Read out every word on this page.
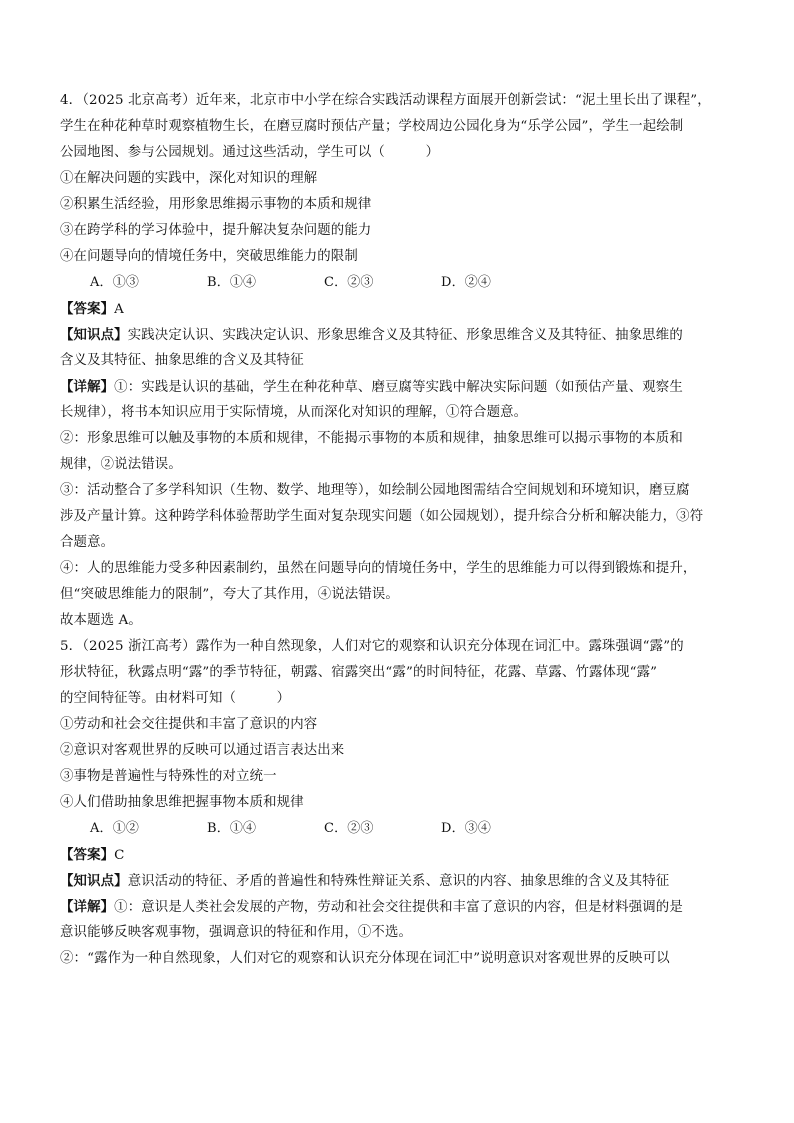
4．（2025 北京高考）近年来，北京市中小学在综合实践活动课程方面展开创新尝试：“泥土里长出了课程”，
学生在种花种草时观察植物生长，在磨豆腐时预估产量；学校周边公园化身为“乐学公园”，学生一起绘制
公园地图、参与公园规划。通过这些活动，学生可以（　　　）
①在解决问题的实践中，深化对知识的理解
②积累生活经验，用形象思维揭示事物的本质和规律
③在跨学科的学习体验中，提升解决复杂问题的能力
④在问题导向的情境任务中，突破思维能力的限制
A．①③	B．①④	C．②③	D．②④
【答案】A
【知识点】实践决定认识、实践决定认识、形象思维含义及其特征、形象思维含义及其特征、抽象思维的
含义及其特征、抽象思维的含义及其特征
【详解】①：实践是认识的基础，学生在种花种草、磨豆腐等实践中解决实际问题（如预估产量、观察生
长规律），将书本知识应用于实际情境，从而深化对知识的理解，①符合题意。
②：形象思维可以触及事物的本质和规律，不能揭示事物的本质和规律，抽象思维可以揭示事物的本质和
规律，②说法错误。
③：活动整合了多学科知识（生物、数学、地理等），如绘制公园地图需结合空间规划和环境知识，磨豆腐
涉及产量计算。这种跨学科体验帮助学生面对复杂现实问题（如公园规划），提升综合分析和解决能力，③符
合题意。
④：人的思维能力受多种因素制约，虽然在问题导向的情境任务中，学生的思维能力可以得到锻炼和提升，
但“突破思维能力的限制”，夸大了其作用，④说法错误。
故本题选 A。
5．（2025 浙江高考）露作为一种自然现象，人们对它的观察和认识充分体现在词汇中。露珠强调“露”的
形状特征，秋露点明“露”的季节特征，朝露、宿露突出“露”的时间特征，花露、草露、竹露体现“露”
的空间特征等。由材料可知（　　　）
①劳动和社会交往提供和丰富了意识的内容
②意识对客观世界的反映可以通过语言表达出来
③事物是普遍性与特殊性的对立统一
④人们借助抽象思维把握事物本质和规律
A．①②	B．①④	C．②③	D．③④
【答案】C
【知识点】意识活动的特征、矛盾的普遍性和特殊性辩证关系、意识的内容、抽象思维的含义及其特征
【详解】①：意识是人类社会发展的产物，劳动和社会交往提供和丰富了意识的内容，但是材料强调的是
意识能够反映客观事物，强调意识的特征和作用，①不选。
②：“露作为一种自然现象，人们对它的观察和认识充分体现在词汇中”说明意识对客观世界的反映可以
